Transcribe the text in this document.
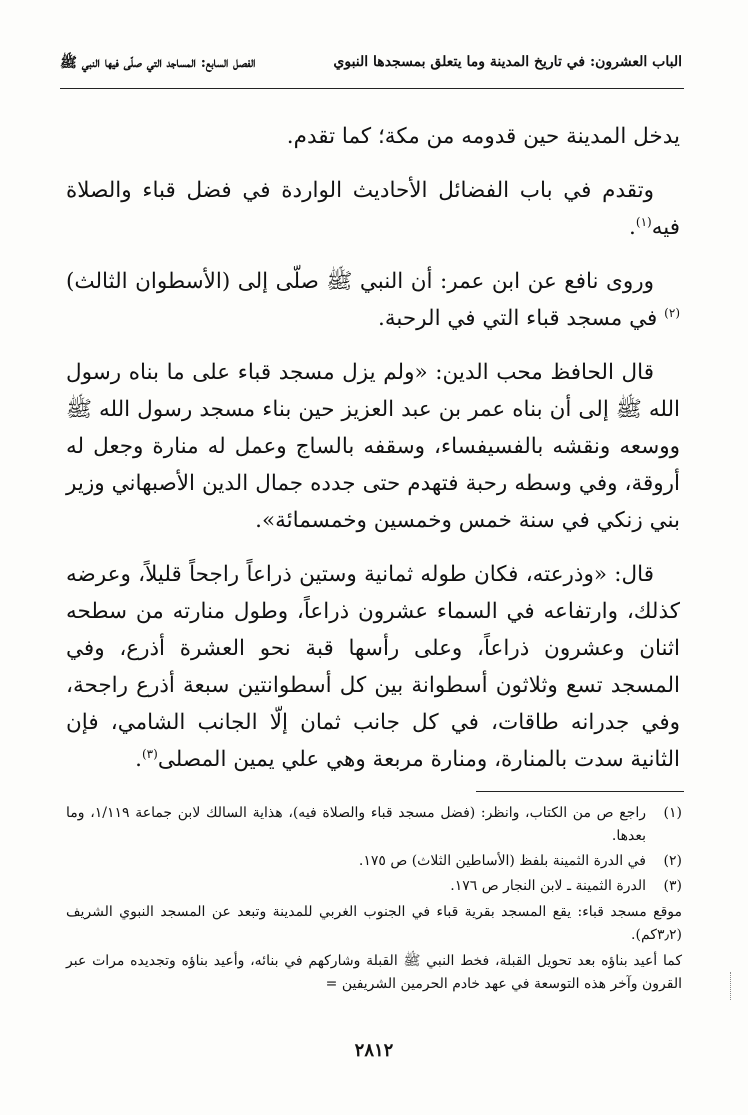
الباب العشرون: في تاريخ المدينة وما يتعلق بمسجدها النبوي
الفصل السابع: المساجد التي صلّى فيها النبي ﷺ

يدخل المدينة حين قدومه من مكة؛ كما تقدم.

وتقدم في باب الفضائل الأحاديث الواردة في فضل قباء والصلاة فيه$^{(١)}$.

وروى نافع عن ابن عمر: أن النبي ﷺ صلّى إلى (الأسطوان الثالث)$^{(٢)}$ في مسجد قباء التي في الرحبة.

قال الحافظ محب الدين: «ولم يزل مسجد قباء على ما بناه رسول الله ﷺ إلى أن بناه عمر بن عبد العزيز حين بناء مسجد رسول الله ﷺ ووسعه ونقشه بالفسيفساء، وسقفه بالساج وعمل له منارة وجعل له أروقة، وفي وسطه رحبة فتهدم حتى جدده جمال الدين الأصبهاني وزير بني زنكي في سنة خمس وخمسين وخمسمائة».

قال: «وذرعته، فكان طوله ثمانية وستين ذراعاً راجحاً قليلاً، وعرضه كذلك، وارتفاعه في السماء عشرون ذراعاً، وطول منارته من سطحه اثنان وعشرون ذراعاً، وعلى رأسها قبة نحو العشرة أذرع، وفي المسجد تسع وثلاثون أسطوانة بين كل أسطوانتين سبعة أذرع راجحة، وفي جدرانه طاقات، في كل جانب ثمان إلّا الجانب الشامي، فإن الثانية سدت بالمنارة، ومنارة مربعة وهي علي يمين المصلى$^{(٣)}$.

(١)
راجع ص من الكتاب، وانظر: (فضل مسجد قباء والصلاة فيه)، هذاية السالك لابن جماعة ١/١١٩، وما بعدها.
(٢)
في الدرة الثمينة بلفظ (الأساطين الثلاث) ص ١٧٥.
(٣)
الدرة الثمينة ـ لابن النجار ص ١٧٦.

موقع مسجد قباء: يقع المسجد بقرية قباء في الجنوب الغربي للمدينة وتبعد عن المسجد النبوي الشريف (٣٫٢كم).

كما أعيد بناؤه بعد تحويل القبلة، فخط النبي ﷺ القبلة وشاركهم في بنائه، وأعيد بناؤه وتجديده مرات عبر القرون وآخر هذه التوسعة في عهد خادم الحرمين الشريفين =

٢٨١٢
